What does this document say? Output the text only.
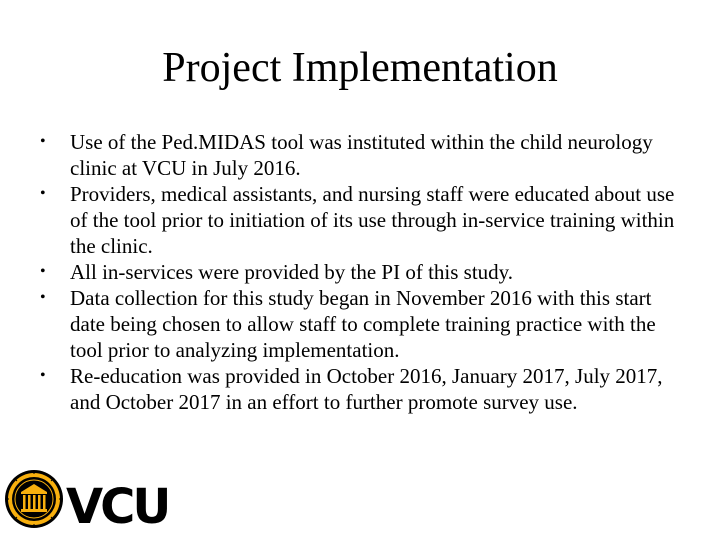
Project Implementation
•	Use of the Ped.MIDAS tool was instituted within the child neurology clinic at VCU in July 2016.
•	Providers, medical assistants, and nursing staff were educated about use of the tool prior to initiation of its use through in-service training within the clinic.
•	All in-services were provided by the PI of this study.
•	Data collection for this study began in November 2016 with this start date being chosen to allow staff to complete training practice with the tool prior to analyzing implementation.
•	Re-education was provided in October 2016, January 2017, July 2017, and October 2017 in an effort to further promote survey use.
VCU
